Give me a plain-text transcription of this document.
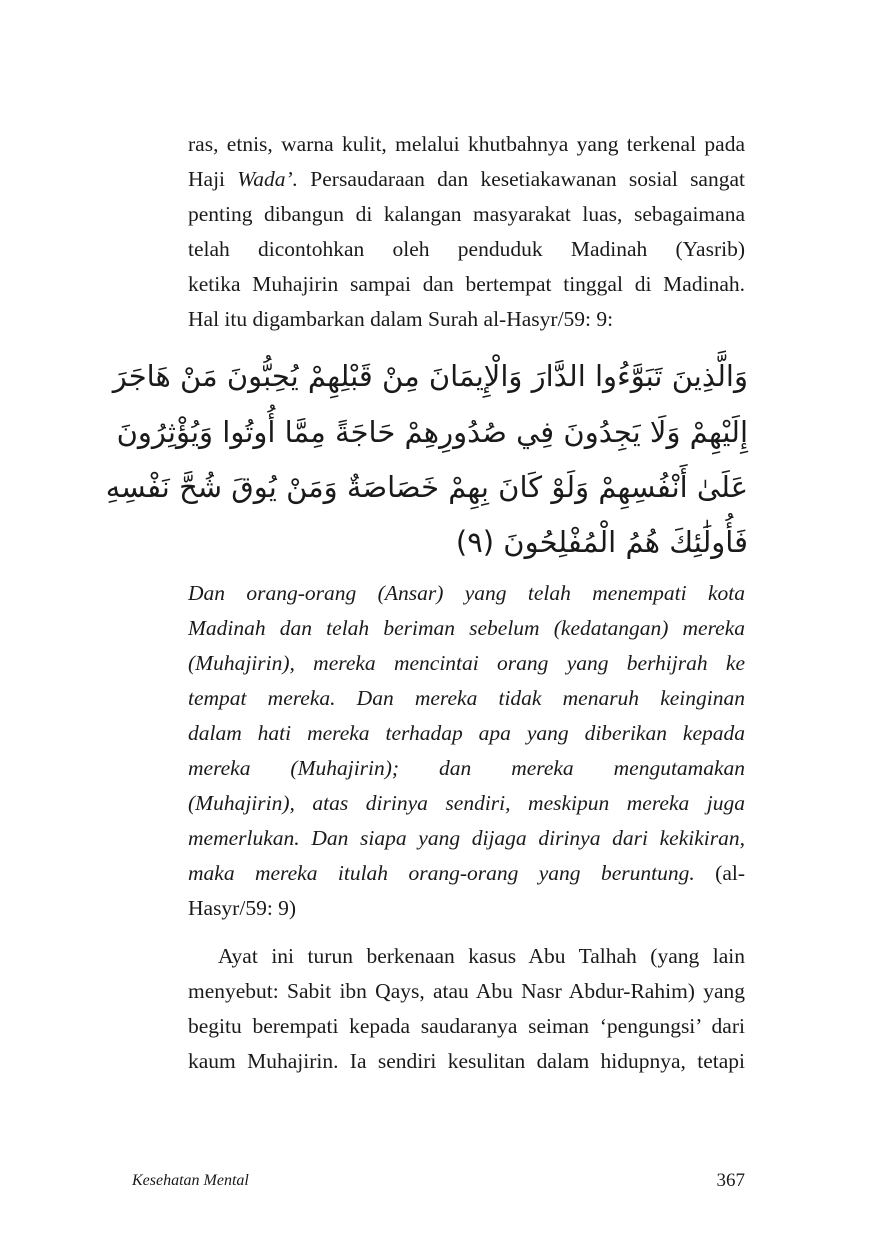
ras, etnis, warna kulit, melalui khutbahnya yang terkenal pada
Haji Wada’. Persaudaraan dan kesetiakawanan sosial sangat
penting dibangun di kalangan masyarakat luas, sebagaimana
telah dicontohkan oleh penduduk Madinah (Yasrib)
ketika Muhajirin sampai dan bertempat tinggal di Madinah.
Hal itu digambarkan dalam Surah al-Hasyr/59: 9:
وَالَّذِينَ تَبَوَّءُوا الدَّارَ وَالْإِيمَانَ مِنْ قَبْلِهِمْ يُحِبُّونَ مَنْ هَاجَرَ
إِلَيْهِمْ وَلَا يَجِدُونَ فِي صُدُورِهِمْ حَاجَةً مِمَّا أُوتُوا وَيُؤْثِرُونَ
عَلَىٰ أَنْفُسِهِمْ وَلَوْ كَانَ بِهِمْ خَصَاصَةٌ وَمَنْ يُوقَ شُحَّ نَفْسِهِ
فَأُولَٰئِكَ هُمُ الْمُفْلِحُونَ (٩)
Dan orang-orang (Ansar) yang telah menempati kota
Madinah dan telah beriman sebelum (kedatangan) mereka
(Muhajirin), mereka mencintai orang yang berhijrah ke
tempat mereka. Dan mereka tidak menaruh keinginan
dalam hati mereka terhadap apa yang diberikan kepada
mereka (Muhajirin); dan mereka mengutamakan
(Muhajirin), atas dirinya sendiri, meskipun mereka juga
memerlukan. Dan siapa yang dijaga dirinya dari kekikiran,
maka mereka itulah orang-orang yang beruntung. (al-
Hasyr/59: 9)
Ayat ini turun berkenaan kasus Abu Talhah (yang lain
menyebut: Sabit ibn Qays, atau Abu Nasr Abdur-Rahim) yang
begitu berempati kepada saudaranya seiman ‘pengungsi’ dari
kaum Muhajirin. Ia sendiri kesulitan dalam hidupnya, tetapi
Kesehatan Mental	367
